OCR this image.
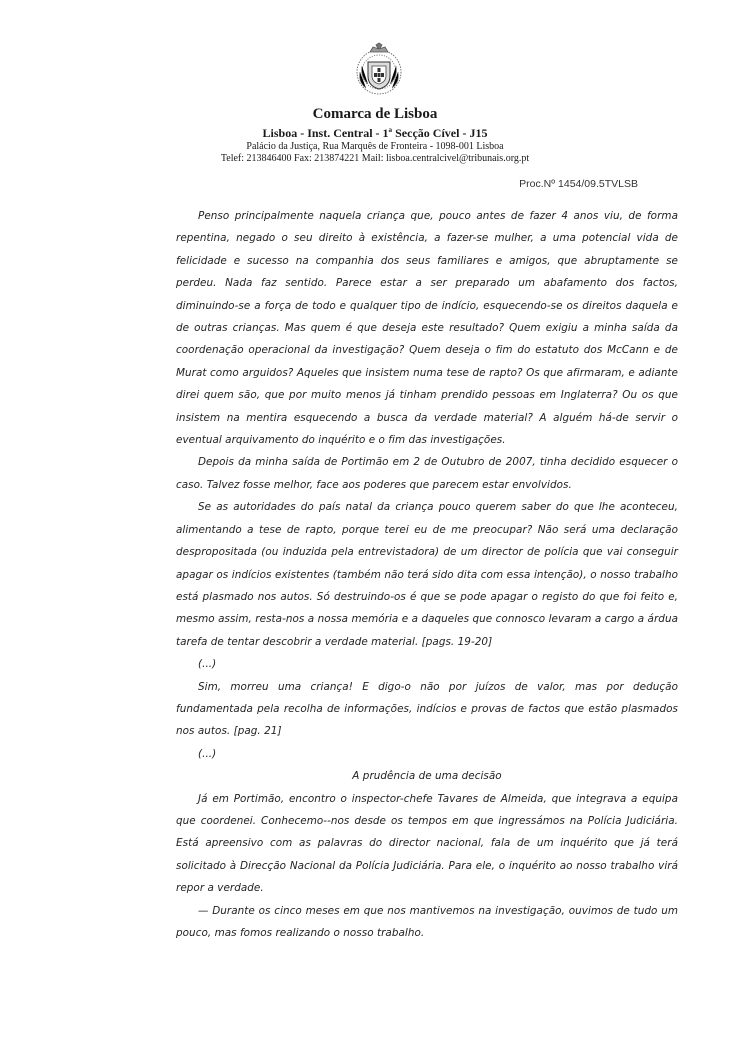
Comarca de Lisboa
Lisboa - Inst. Central - 1ª Secção Cível - J15
Palácio da Justiça, Rua Marquês de Fronteira - 1098-001 Lisboa
Telef: 213846400 Fax: 213874221 Mail: lisboa.centralcivel@tribunais.org.pt
Proc.Nº 1454/09.5TVLSB

Penso principalmente naquela criança que, pouco antes de fazer 4 anos viu, de forma repentina, negado o seu direito à existência, a fazer-se mulher, a uma potencial vida de felicidade e sucesso na companhia dos seus familiares e amigos, que abruptamente se perdeu. Nada faz sentido. Parece estar a ser preparado um abafamento dos factos, diminuindo-se a força de todo e qualquer tipo de indício, esquecendo-se os direitos daquela e de outras crianças. Mas quem é que deseja este resultado? Quem exigiu a minha saída da coordenação operacional da investigação? Quem deseja o fim do estatuto dos McCann e de Murat como arguidos? Aqueles que insistem numa tese de rapto? Os que afirmaram, e adiante direi quem são, que por muito menos já tinham prendido pessoas em Inglaterra? Ou os que insistem na mentira esquecendo a busca da verdade material? A alguém há-de servir o eventual arquivamento do inquérito e o fim das investigações.

Depois da minha saída de Portimão em 2 de Outubro de 2007, tinha decidido esquecer o caso. Talvez fosse melhor, face aos poderes que parecem estar envolvidos.

Se as autoridades do país natal da criança pouco querem saber do que lhe aconteceu, alimentando a tese de rapto, porque terei eu de me preocupar? Não será uma declaração despropositada (ou induzida pela entrevistadora) de um director de polícia que vai conseguir apagar os indícios existentes (também não terá sido dita com essa intenção), o nosso trabalho está plasmado nos autos. Só destruindo-os é que se pode apagar o registo do que foi feito e, mesmo assim, resta-nos a nossa memória e a daqueles que connosco levaram a cargo a árdua tarefa de tentar descobrir a verdade material. [pags. 19-20]

(...)

Sim, morreu uma criança! E digo-o não por juízos de valor, mas por dedução fundamentada pela recolha de informações, indícios e provas de factos que estão plasmados nos autos. [pag. 21]

(...)

A prudência de uma decisão

Já em Portimão, encontro o inspector-chefe Tavares de Almeida, que integrava a equipa que coordenei. Conhecemo--nos desde os tempos em que ingressámos na Polícia Judiciária. Está apreensivo com as palavras do director nacional, fala de um inquérito que já terá solicitado à Direcção Nacional da Polícia Judiciária. Para ele, o inquérito ao nosso trabalho virá repor a verdade.

— Durante os cinco meses em que nos mantivemos na investigação, ouvimos de tudo um pouco, mas fomos realizando o nosso trabalho.
